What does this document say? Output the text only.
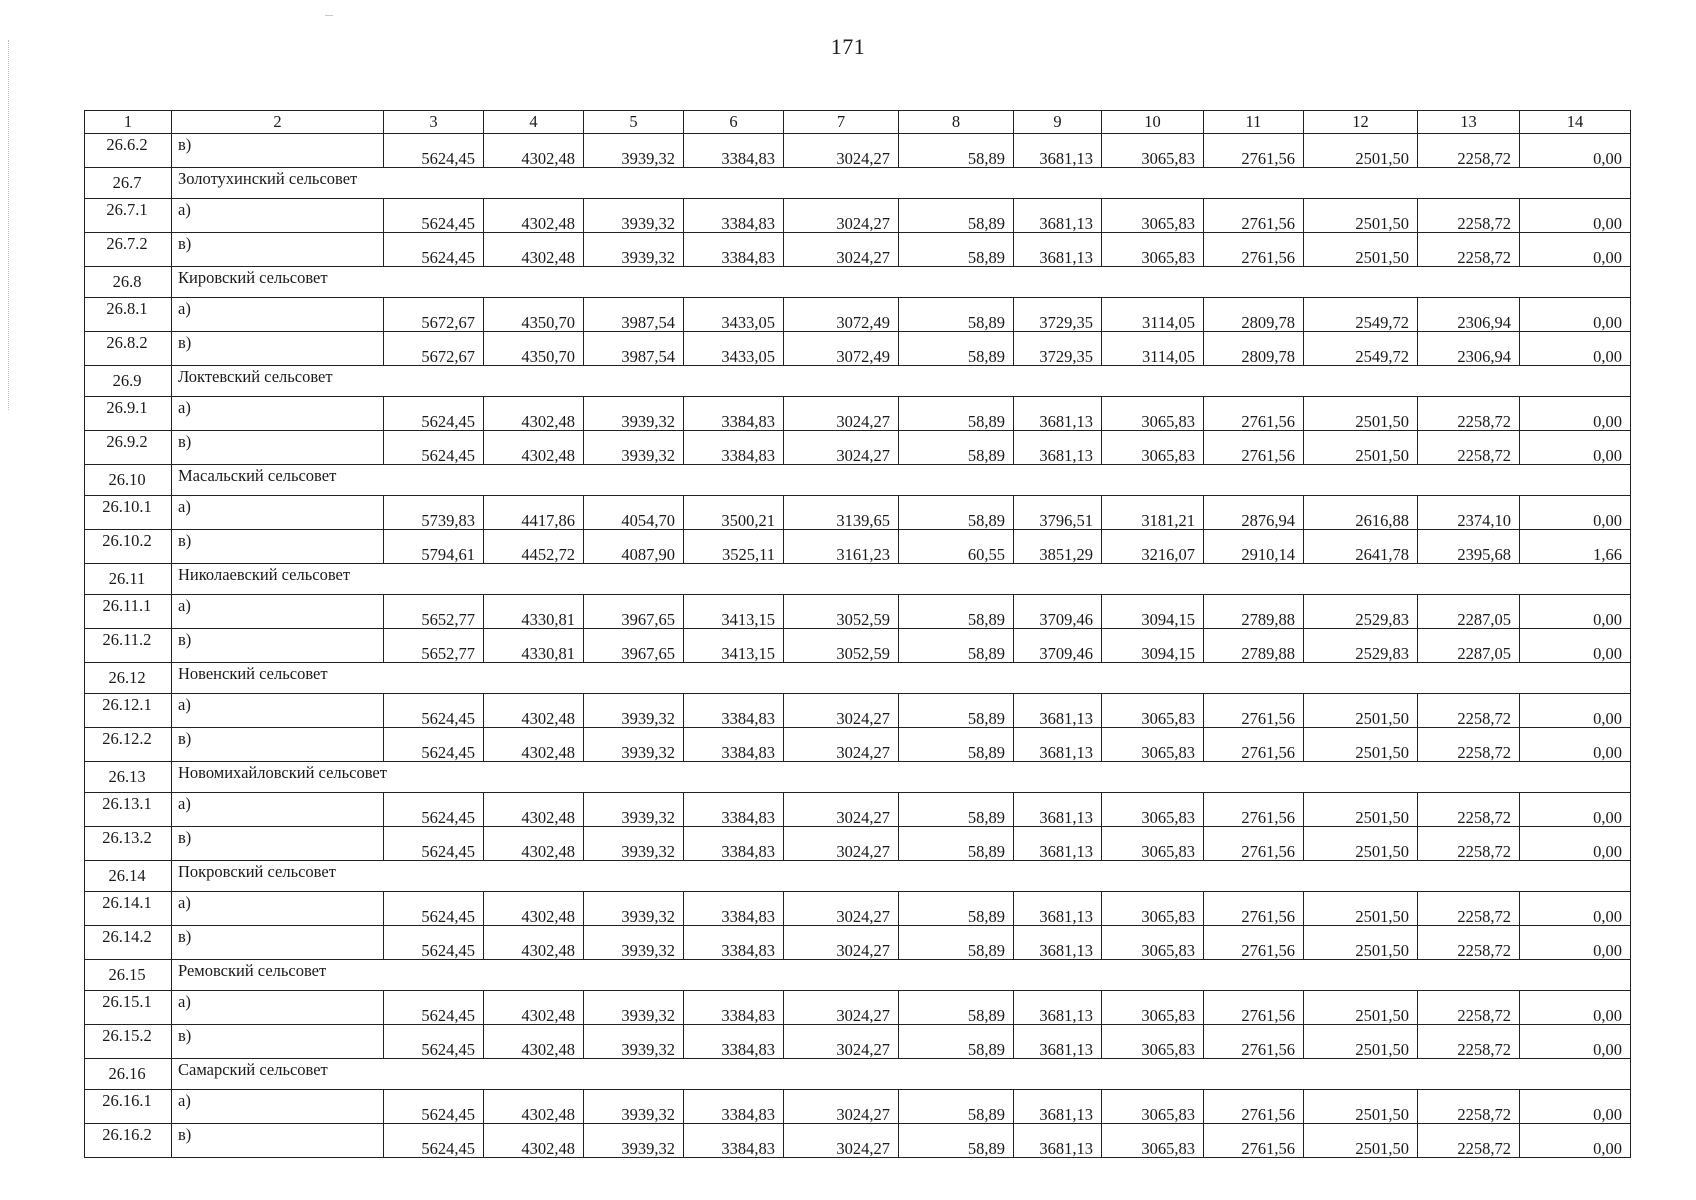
171
1	2	3	4	5	6	7	8	9	10	11	12	13	14
26.6.2	в)	5624,45	4302,48	3939,32	3384,83	3024,27	58,89	3681,13	3065,83	2761,56	2501,50	2258,72	0,00
26.7	Золотухинский сельсовет												
26.7.1	а)	5624,45	4302,48	3939,32	3384,83	3024,27	58,89	3681,13	3065,83	2761,56	2501,50	2258,72	0,00
26.7.2	в)	5624,45	4302,48	3939,32	3384,83	3024,27	58,89	3681,13	3065,83	2761,56	2501,50	2258,72	0,00
26.8	Кировский сельсовет												
26.8.1	а)	5672,67	4350,70	3987,54	3433,05	3072,49	58,89	3729,35	3114,05	2809,78	2549,72	2306,94	0,00
26.8.2	в)	5672,67	4350,70	3987,54	3433,05	3072,49	58,89	3729,35	3114,05	2809,78	2549,72	2306,94	0,00
26.9	Локтевский сельсовет												
26.9.1	а)	5624,45	4302,48	3939,32	3384,83	3024,27	58,89	3681,13	3065,83	2761,56	2501,50	2258,72	0,00
26.9.2	в)	5624,45	4302,48	3939,32	3384,83	3024,27	58,89	3681,13	3065,83	2761,56	2501,50	2258,72	0,00
26.10	Масальский сельсовет												
26.10.1	а)	5739,83	4417,86	4054,70	3500,21	3139,65	58,89	3796,51	3181,21	2876,94	2616,88	2374,10	0,00
26.10.2	в)	5794,61	4452,72	4087,90	3525,11	3161,23	60,55	3851,29	3216,07	2910,14	2641,78	2395,68	1,66
26.11	Николаевский сельсовет												
26.11.1	а)	5652,77	4330,81	3967,65	3413,15	3052,59	58,89	3709,46	3094,15	2789,88	2529,83	2287,05	0,00
26.11.2	в)	5652,77	4330,81	3967,65	3413,15	3052,59	58,89	3709,46	3094,15	2789,88	2529,83	2287,05	0,00
26.12	Новенский сельсовет												
26.12.1	а)	5624,45	4302,48	3939,32	3384,83	3024,27	58,89	3681,13	3065,83	2761,56	2501,50	2258,72	0,00
26.12.2	в)	5624,45	4302,48	3939,32	3384,83	3024,27	58,89	3681,13	3065,83	2761,56	2501,50	2258,72	0,00
26.13	Новомихайловский сельсовет												
26.13.1	а)	5624,45	4302,48	3939,32	3384,83	3024,27	58,89	3681,13	3065,83	2761,56	2501,50	2258,72	0,00
26.13.2	в)	5624,45	4302,48	3939,32	3384,83	3024,27	58,89	3681,13	3065,83	2761,56	2501,50	2258,72	0,00
26.14	Покровский сельсовет												
26.14.1	а)	5624,45	4302,48	3939,32	3384,83	3024,27	58,89	3681,13	3065,83	2761,56	2501,50	2258,72	0,00
26.14.2	в)	5624,45	4302,48	3939,32	3384,83	3024,27	58,89	3681,13	3065,83	2761,56	2501,50	2258,72	0,00
26.15	Ремовский сельсовет												
26.15.1	а)	5624,45	4302,48	3939,32	3384,83	3024,27	58,89	3681,13	3065,83	2761,56	2501,50	2258,72	0,00
26.15.2	в)	5624,45	4302,48	3939,32	3384,83	3024,27	58,89	3681,13	3065,83	2761,56	2501,50	2258,72	0,00
26.16	Самарский сельсовет												
26.16.1	а)	5624,45	4302,48	3939,32	3384,83	3024,27	58,89	3681,13	3065,83	2761,56	2501,50	2258,72	0,00
26.16.2	в)	5624,45	4302,48	3939,32	3384,83	3024,27	58,89	3681,13	3065,83	2761,56	2501,50	2258,72	0,00
